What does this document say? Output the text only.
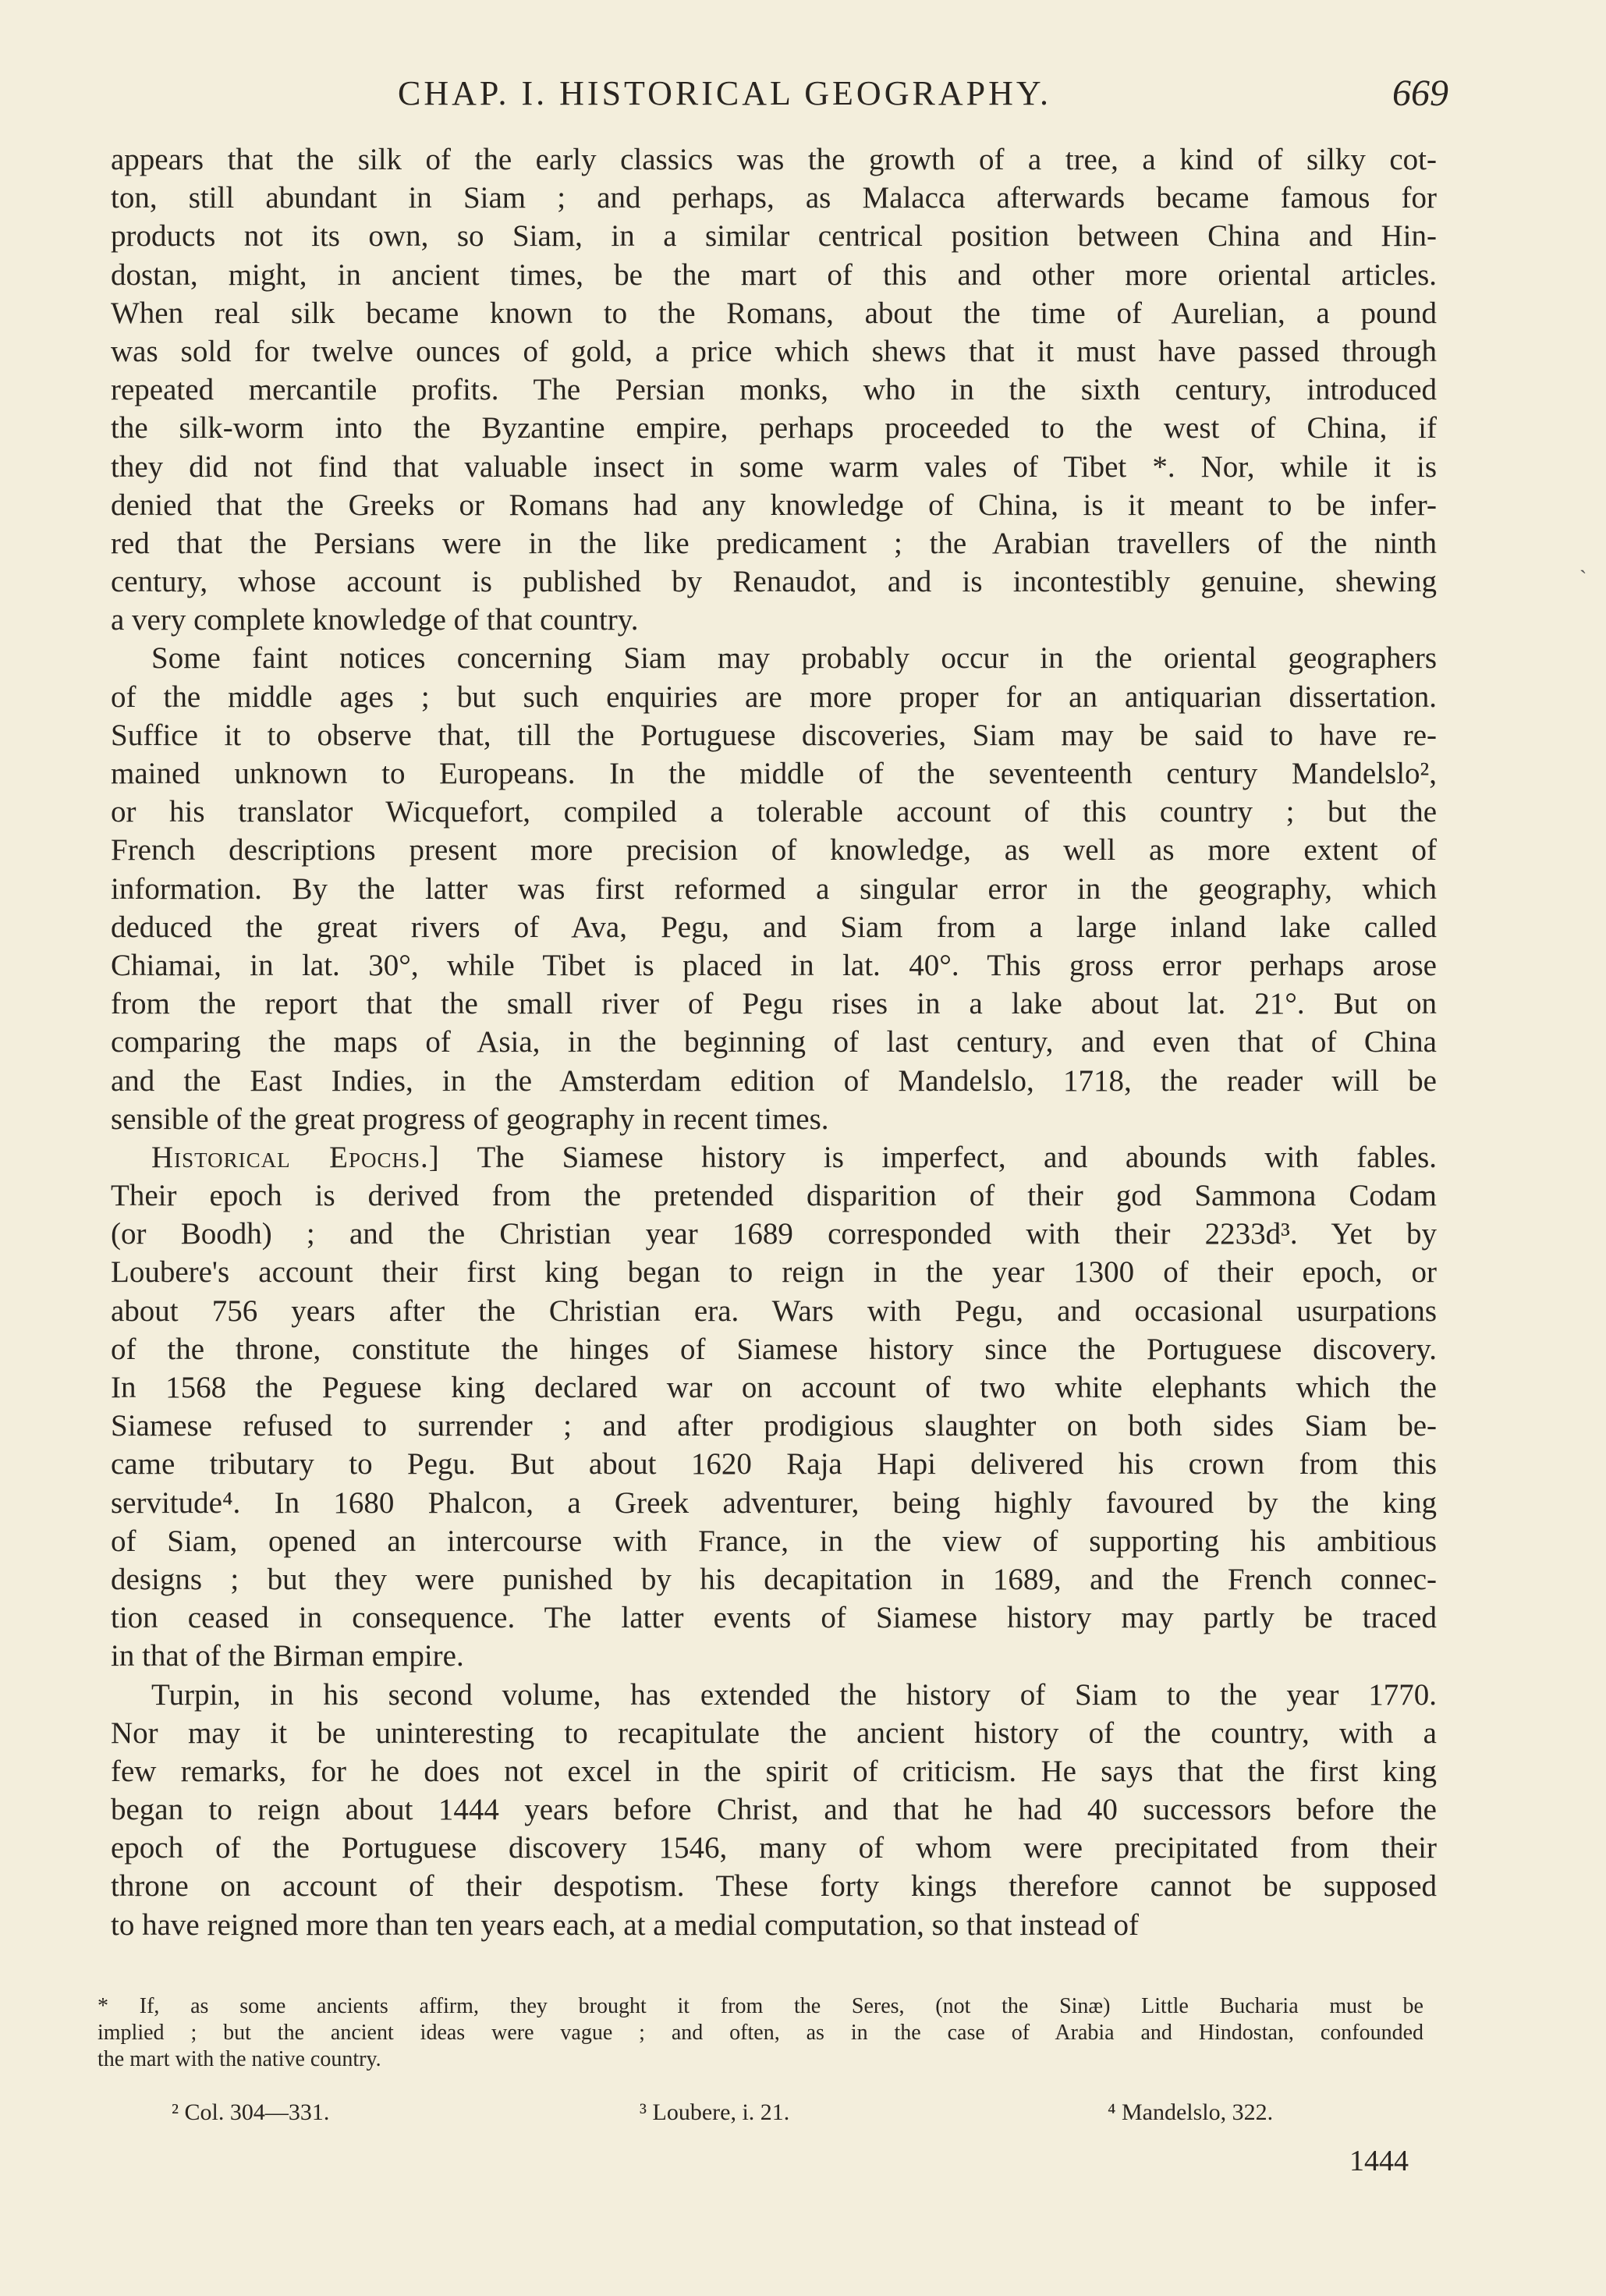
CHAP. I. HISTORICAL GEOGRAPHY.	669
ˎ
appears that the silk of the early classics was the growth of a tree, a kind of silky cot-
ton, still abundant in Siam ; and perhaps, as Malacca afterwards became famous for
products not its own, so Siam, in a similar centrical position between China and Hin-
dostan, might, in ancient times, be the mart of this and other more oriental articles.
When real silk became known to the Romans, about the time of Aurelian, a pound
was sold for twelve ounces of gold, a price which shews that it must have passed through
repeated mercantile profits. The Persian monks, who in the sixth century, introduced
the silk-worm into the Byzantine empire, perhaps proceeded to the west of China, if
they did not find that valuable insect in some warm vales of Tibet *. Nor, while it is
denied that the Greeks or Romans had any knowledge of China, is it meant to be infer-
red that the Persians were in the like predicament ; the Arabian travellers of the ninth
century, whose account is published by Renaudot, and is incontestibly genuine, shewing
a very complete knowledge of that country.
Some faint notices concerning Siam may probably occur in the oriental geographers
of the middle ages ; but such enquiries are more proper for an antiquarian dissertation.
Suffice it to observe that, till the Portuguese discoveries, Siam may be said to have re-
mained unknown to Europeans. In the middle of the seventeenth century Mandelslo²,
or his translator Wicquefort, compiled a tolerable account of this country ; but the
French descriptions present more precision of knowledge, as well as more extent of
information. By the latter was first reformed a singular error in the geography, which
deduced the great rivers of Ava, Pegu, and Siam from a large inland lake called
Chiamai, in lat. 30°, while Tibet is placed in lat. 40°. This gross error perhaps arose
from the report that the small river of Pegu rises in a lake about lat. 21°. But on
comparing the maps of Asia, in the beginning of last century, and even that of China
and the East Indies, in the Amsterdam edition of Mandelslo, 1718, the reader will be
sensible of the great progress of geography in recent times.
Historical Epochs.] The Siamese history is imperfect, and abounds with fables.
Their epoch is derived from the pretended disparition of their god Sammona Codam
(or Boodh) ; and the Christian year 1689 corresponded with their 2233d³. Yet by
Loubere's account their first king began to reign in the year 1300 of their epoch, or
about 756 years after the Christian era. Wars with Pegu, and occasional usurpations
of the throne, constitute the hinges of Siamese history since the Portuguese discovery.
In 1568 the Peguese king declared war on account of two white elephants which the
Siamese refused to surrender ; and after prodigious slaughter on both sides Siam be-
came tributary to Pegu. But about 1620 Raja Hapi delivered his crown from this
servitude⁴. In 1680 Phalcon, a Greek adventurer, being highly favoured by the king
of Siam, opened an intercourse with France, in the view of supporting his ambitious
designs ; but they were punished by his decapitation in 1689, and the French connec-
tion ceased in consequence. The latter events of Siamese history may partly be traced
in that of the Birman empire.
Turpin, in his second volume, has extended the history of Siam to the year 1770.
Nor may it be uninteresting to recapitulate the ancient history of the country, with a
few remarks, for he does not excel in the spirit of criticism. He says that the first king
began to reign about 1444 years before Christ, and that he had 40 successors before the
epoch of the Portuguese discovery 1546, many of whom were precipitated from their
throne on account of their despotism. These forty kings therefore cannot be supposed
to have reigned more than ten years each, at a medial computation, so that instead of
* If, as some ancients affirm, they brought it from the Seres, (not the Sinæ) Little Bucharia must be
implied ; but the ancient ideas were vague ; and often, as in the case of Arabia and Hindostan, confounded
the mart with the native country.
² Col. 304—331.	³ Loubere, i. 21.	⁴ Mandelslo, 322.
1444
